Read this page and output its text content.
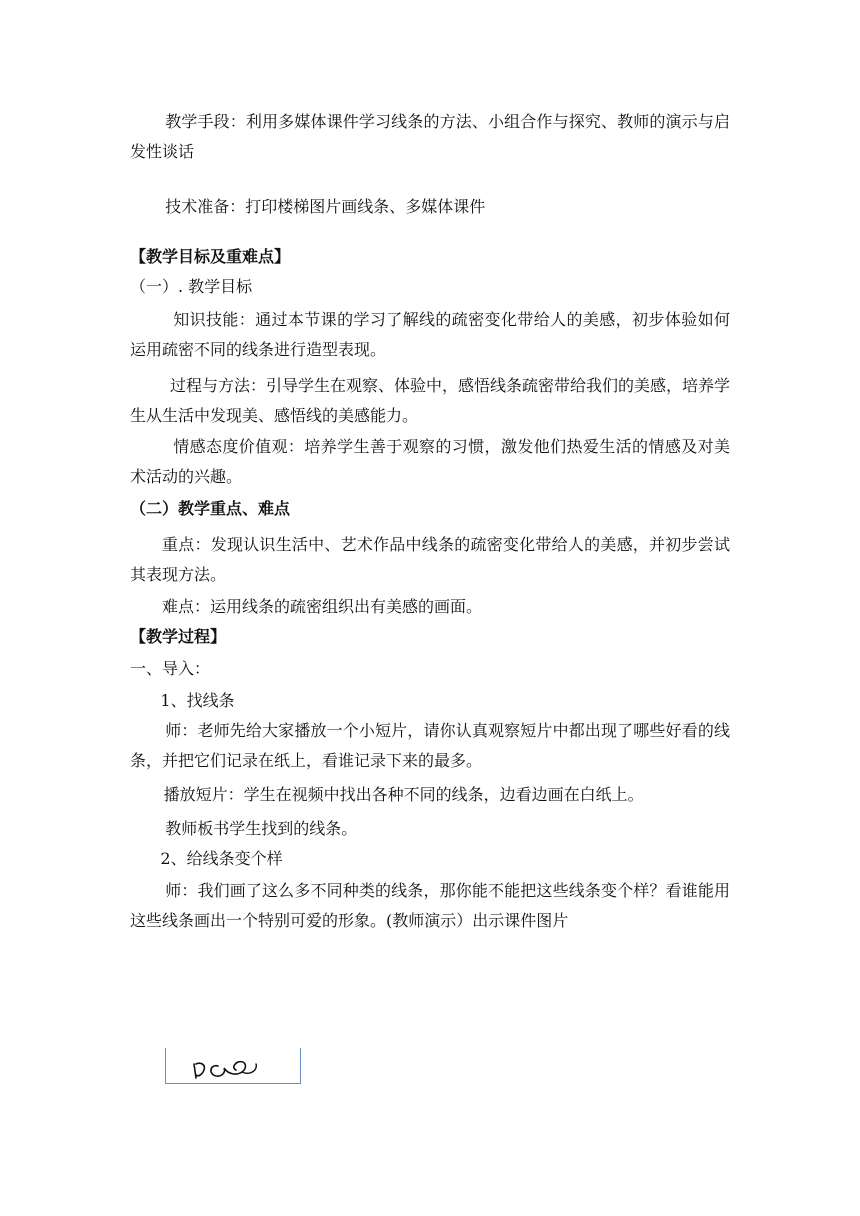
教学手段：利用多媒体课件学习线条的方法、小组合作与探究、教师的演示与启发性谈话

技术准备：打印楼梯图片画线条、多媒体课件

【教学目标及重难点】

（一）. 教学目标

知识技能：通过本节课的学习了解线的疏密变化带给人的美感，初步体验如何运用疏密不同的线条进行造型表现。

过程与方法：引导学生在观察、体验中，感悟线条疏密带给我们的美感，培养学生从生活中发现美、感悟线的美感能力。

情感态度价值观：培养学生善于观察的习惯，激发他们热爱生活的情感及对美术活动的兴趣。

（二）教学重点、难点

重点：发现认识生活中、艺术作品中线条的疏密变化带给人的美感，并初步尝试其表现方法。

难点：运用线条的疏密组织出有美感的画面。

【教学过程】

一、导入：

1、找线条

师：老师先给大家播放一个小短片，请你认真观察短片中都出现了哪些好看的线条，并把它们记录在纸上，看谁记录下来的最多。

播放短片：学生在视频中找出各种不同的线条，边看边画在白纸上。

教师板书学生找到的线条。

2、给线条变个样

师：我们画了这么多不同种类的线条，那你能不能把这些线条变个样？看谁能用这些线条画出一个特别可爱的形象。(教师演示）出示课件图片
